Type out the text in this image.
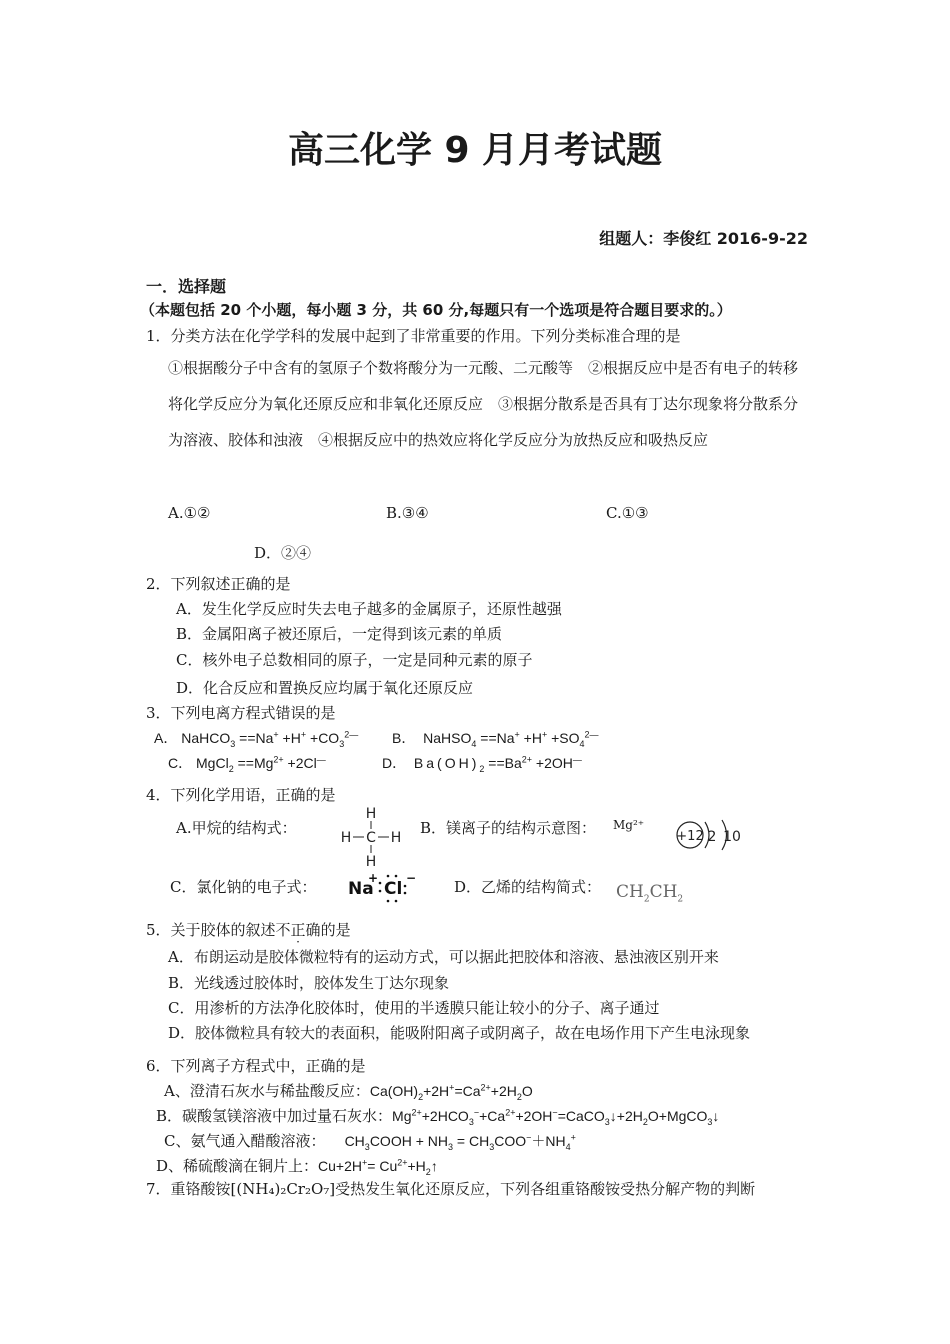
高三化学 9 月月考试题
组题人：李俊红 2016-9-22
一．选择题
（本题包括 20 个小题，每小题 3 分，共 60 分,每题只有一个选项是符合题目要求的。）
1．分类方法在化学学科的发展中起到了非常重要的作用。下列分类标准合理的是
①根据酸分子中含有的氢原子个数将酸分为一元酸、二元酸等　②根据反应中是否有电子的转移将化学反应分为氧化还原反应和非氧化还原反应　③根据分散系是否具有丁达尔现象将分散系分为溶液、胶体和浊液　④根据反应中的热效应将化学反应分为放热反应和吸热反应
A.①②	B.③④	C.①③
D．②④
2．下列叙述正确的是
A．发生化学反应时失去电子越多的金属原子，还原性越强
B．金属阳离子被还原后，一定得到该元素的单质
C．核外电子总数相同的原子，一定是同种元素的原子
D．化合反应和置换反应均属于氧化还原反应
3．下列电离方程式错误的是
A． NaHCO$_3$ $==Na^+ +H^+ +CO_3^{2—}$ B．  NaHSO$_4$ $==Na^+ +H^+ +SO_4^{2—}$
C． MgCl$_2$ $==Mg^{2+} +2Cl^—$	D． $Ba(OH)_2 ==Ba^{2+} +2OH^—$
4．下列化学用语，正确的是
A.甲烷的结构式：
H
C
H	H
H
B．镁离子的结构示意图： Mg²⁺
+12 2 10
C．氯化钠的电子式： Na
+
Cl
−	D．乙烯的结构简式： $CH_2CH_2$
5．关于胶体的叙述不正确的是
A．布朗运动是胶体微粒特有的运动方式，可以据此把胶体和溶液、悬浊液区别开来
B．光线透过胶体时，胶体发生丁达尔现象
C．用渗析的方法净化胶体时，使用的半透膜只能让较小的分子、离子通过
D．胶体微粒具有较大的表面积，能吸附阳离子或阴离子，故在电场作用下产生电泳现象
6．下列离子方程式中，正确的是
A、澄清石灰水与稀盐酸反应：$Ca(OH)_2+2H^+=Ca^{2+}+2H_2O$
B．碳酸氢镁溶液中加过量石灰水：$Mg^{2+}+2HCO_3^-+Ca^{2+}+2OH^-=CaCO_3↓+2H_2O+MgCO_3↓$
C、氨气通入醋酸溶液： $CH_3COOH + NH_3 = CH_3COO^-+NH_4^+$
D、稀硫酸滴在铜片上：$Cu+2H^+= Cu^{2+}+H_2↑$
7．重铬酸铵[(NH₄)₂Cr₂O₇]受热发生氧化还原反应，下列各组重铬酸铵受热分解产物的判断
